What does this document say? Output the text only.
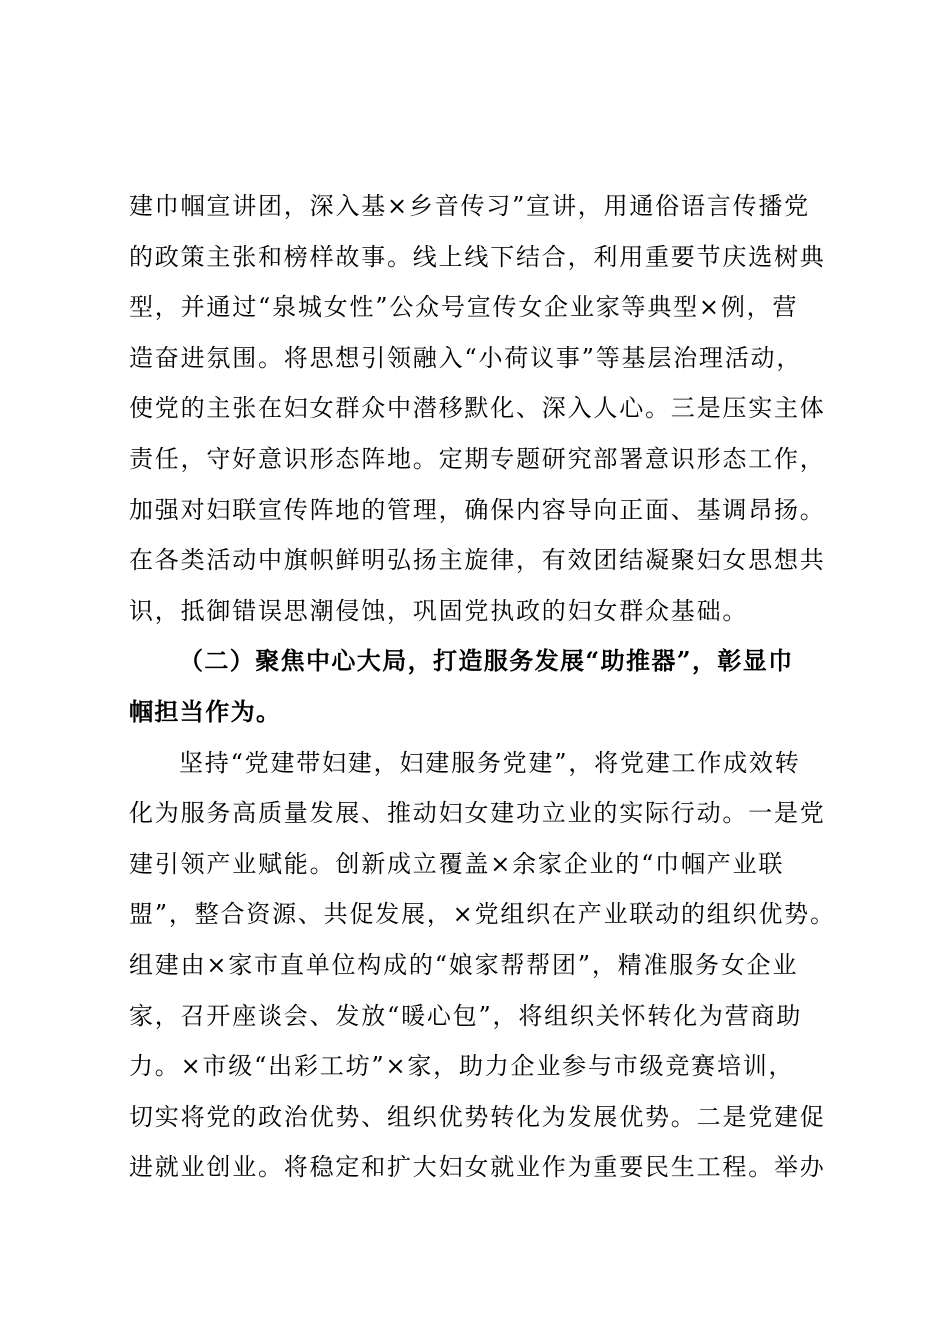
建巾帼宣讲团，深入基×乡音传习”宣讲，用通俗语言传播党
的政策主张和榜样故事。线上线下结合，利用重要节庆选树典
型，并通过“泉城女性”公众号宣传女企业家等典型×例，营
造奋进氛围。将思想引领融入“小荷议事”等基层治理活动，
使党的主张在妇女群众中潜移默化、深入人心。三是压实主体
责任，守好意识形态阵地。定期专题研究部署意识形态工作，
加强对妇联宣传阵地的管理，确保内容导向正面、基调昂扬。
在各类活动中旗帜鲜明弘扬主旋律，有效团结凝聚妇女思想共
识，抵御错误思潮侵蚀，巩固党执政的妇女群众基础。
（二）聚焦中心大局，打造服务发展“助推器”，彰显巾
帼担当作为。
坚持“党建带妇建，妇建服务党建”，将党建工作成效转
化为服务高质量发展、推动妇女建功立业的实际行动。一是党
建引领产业赋能。创新成立覆盖×余家企业的“巾帼产业联
盟”，整合资源、共促发展，×党组织在产业联动的组织优势。
组建由×家市直单位构成的“娘家帮帮团”，精准服务女企业
家，召开座谈会、发放“暖心包”，将组织关怀转化为营商助
力。×市级“出彩工坊”×家，助力企业参与市级竞赛培训，
切实将党的政治优势、组织优势转化为发展优势。二是党建促
进就业创业。将稳定和扩大妇女就业作为重要民生工程。举办
